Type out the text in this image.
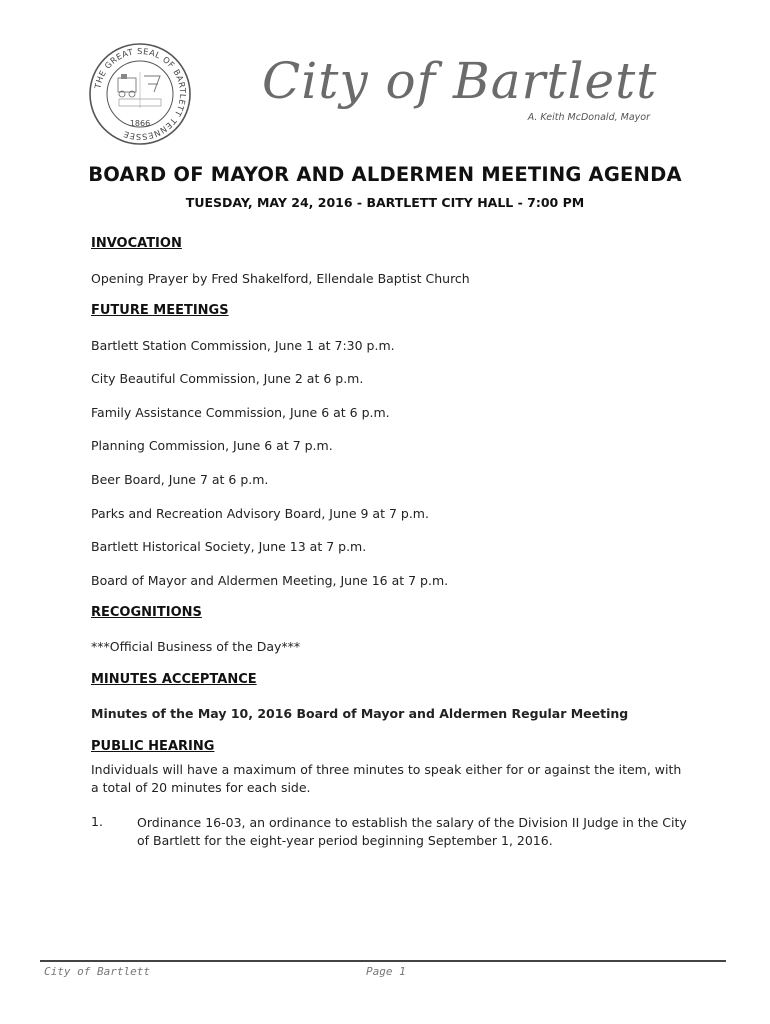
THE GREAT SEAL OF BARTLETT TENNESSEE
1866
City of Bartlett
A. Keith McDonald, Mayor
BOARD OF MAYOR AND ALDERMEN MEETING AGENDA
TUESDAY, MAY 24, 2016 - BARTLETT CITY HALL - 7:00 PM
INVOCATION
Opening Prayer by Fred Shakelford, Ellendale Baptist Church
FUTURE MEETINGS
Bartlett Station Commission, June 1 at 7:30 p.m.
City Beautiful Commission, June 2 at 6 p.m.
Family Assistance Commission, June 6 at 6 p.m.
Planning Commission, June 6 at 7 p.m.
Beer Board, June 7 at 6 p.m.
Parks and Recreation Advisory Board, June 9 at 7 p.m.
Bartlett Historical Society, June 13 at 7 p.m.
Board of Mayor and Aldermen Meeting, June 16 at 7 p.m.
RECOGNITIONS
***Official Business of the Day***
MINUTES ACCEPTANCE
Minutes of the May 10, 2016 Board of Mayor and Aldermen Regular Meeting
PUBLIC HEARING
Individuals will have a maximum of three minutes to speak either for or against the item, with a total of 20 minutes for each side.
1.	Ordinance 16-03, an ordinance to establish the salary of the Division II Judge in the City of Bartlett for the eight-year period beginning September 1, 2016.
City of Bartlett	Page 1
